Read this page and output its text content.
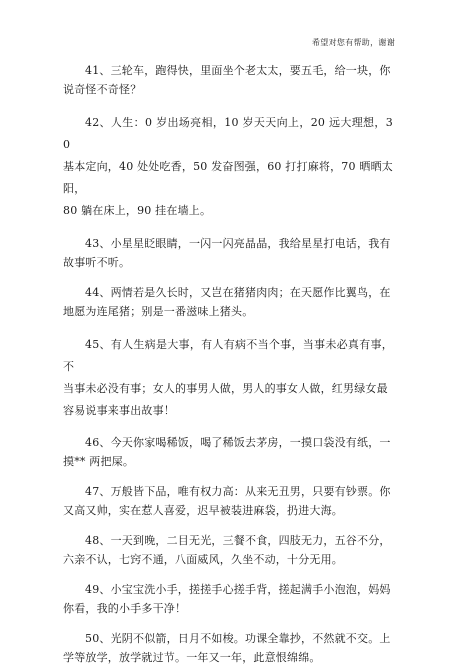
希望对您有帮助，谢谢

41、三轮车，跑得快，里面坐个老太太，要五毛，给一块，你

说奇怪不奇怪？

42、人生：0 岁出场亮相，10 岁天天向上，20 远大理想，30

基本定向，40 处处吃香，50 发奋图强，60 打打麻将，70 晒晒太阳，

80 躺在床上，90 挂在墙上。

43、小星星眨眼睛，一闪一闪亮晶晶，我给星星打电话，我有

故事听不听。

44、两情若是久长时，又岂在猪猪肉肉；在天愿作比翼鸟，在

地愿为连尾猪；别是一番滋味上猪头。

45、有人生病是大事，有人有病不当个事，当事未必真有事，不

当事未必没有事；女人的事男人做，男人的事女人做，红男绿女最

容易说事来事出故事！

46、今天你家喝稀饭，喝了稀饭去茅房，一摸口袋没有纸，一

摸** 两把屎。

47、万般皆下品，唯有权力高：从来无丑男，只要有钞票。你

又高又帅，实在惹人喜爱，迟早被装进麻袋，扔进大海。

48、一天到晚，二目无光，三餐不食，四肢无力，五谷不分，

六亲不认，七窍不通，八面威风，久坐不动，十分无用。

49、小宝宝洗小手，搓搓手心搓手背，搓起满手小泡泡，妈妈

你看，我的小手多干净！

50、光阴不似箭，日月不如梭。功课全靠抄，不然就不交。上

学等放学，放学就过节。一年又一年，此意恨绵绵。
